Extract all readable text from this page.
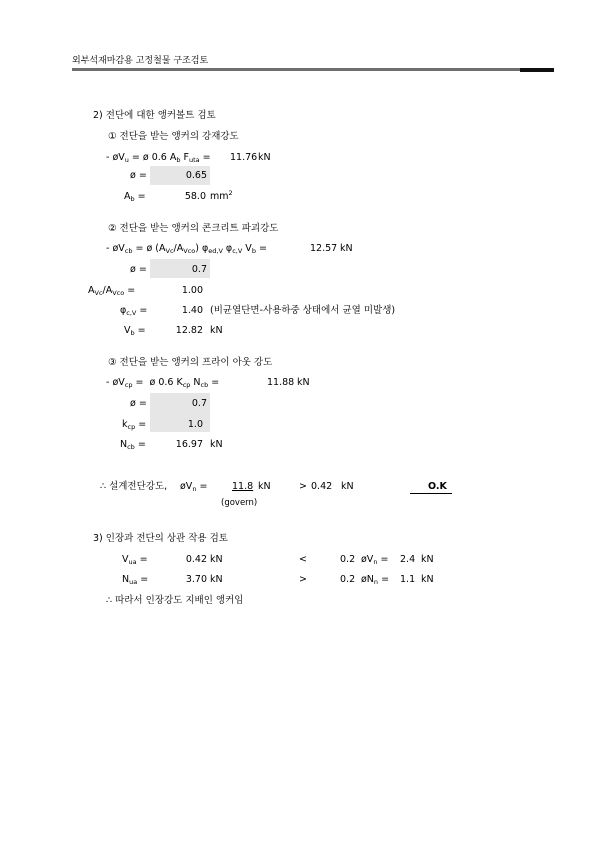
외부석재마감용 고정철물 구조검토
2) 전단에 대한 앵커볼트 검토
① 전단을 받는 앵커의 강재강도
- $øV_u$ = ø 0.6 $A_b$ $F_{uta} = 11.76$ kN
ø =	0.65
$A_b$ =	58.0 $mm^2$
② 전단을 받는 앵커의 콘크리트 파괴강도
- $øV_{cb}$ = ø $(A_{Vc}/A_{Vco})$ $\varphi_{ed,V}$ $\varphi_{c,V}$ $V_b$ =	12.57 kN
ø =	0.7
$A_{Vc}/A_{Vco}$ =	1.00
$\varphi_{c,V}$ =	1.40 (비균열단면-사용하중 상태에서 균열 미발생)
$V_b$ =	12.82 kN
③ 전단을 받는 앵커의 프라이 아웃 강도
- $øV_{cp}$ =  ø 0.6 $K_{cp}$ $N_{cb}$ =	11.88 kN
ø =	0.7
$k_{cp}$ =	1.0
$N_{cb}$ =	16.97 kN
∴ 설계전단강도, $øV_n$ =	11.8 kN	> 0.42 kN	O.K
(govern)
3) 인장과 전단의 상관 작용 검토
$V_{ua}$ =	0.42 kN	<	0.2 $øV_n = 2.4$ kN
$N_{ua}$ =	3.70 kN	>	0.2 $øN_n = 1.1$ kN
∴ 따라서 인장강도 지배인 앵커임
